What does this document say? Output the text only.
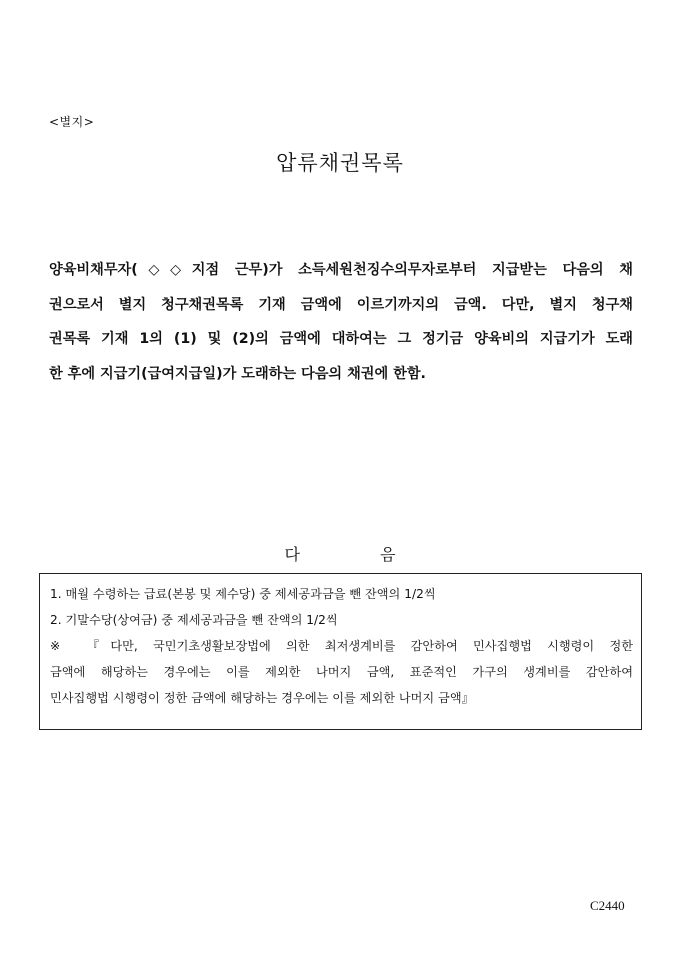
<별지>
압류채권목록

양육비채무자(◇◇지점 근무)가 소득세원천징수의무자로부터 지급받는 다음의 채
권으로서 별지 청구채권목록 기재 금액에 이르기까지의 금액. 다만, 별지 청구채
권목록 기재 1의 (1) 및 (2)의 금액에 대하여는 그 정기금 양육비의 지급기가 도래
한 후에 지급기(급여지급일)가 도래하는 다음의 채권에 한함.

다	음
1. 매월 수령하는 급료(본봉 및 제수당) 중 제세공과금을 뺀 잔액의 1/2씩
2. 기말수당(상여금) 중 제세공과금을 뺀 잔액의 1/2씩
※ 『다만, 국민기초생활보장법에 의한 최저생계비를 감안하여 민사집행법 시행령이 정한
금액에 해당하는 경우에는 이를 제외한 나머지 금액, 표준적인 가구의 생계비를 감안하여
민사집행법 시행령이 정한 금액에 해당하는 경우에는 이를 제외한 나머지 금액』
C2440
